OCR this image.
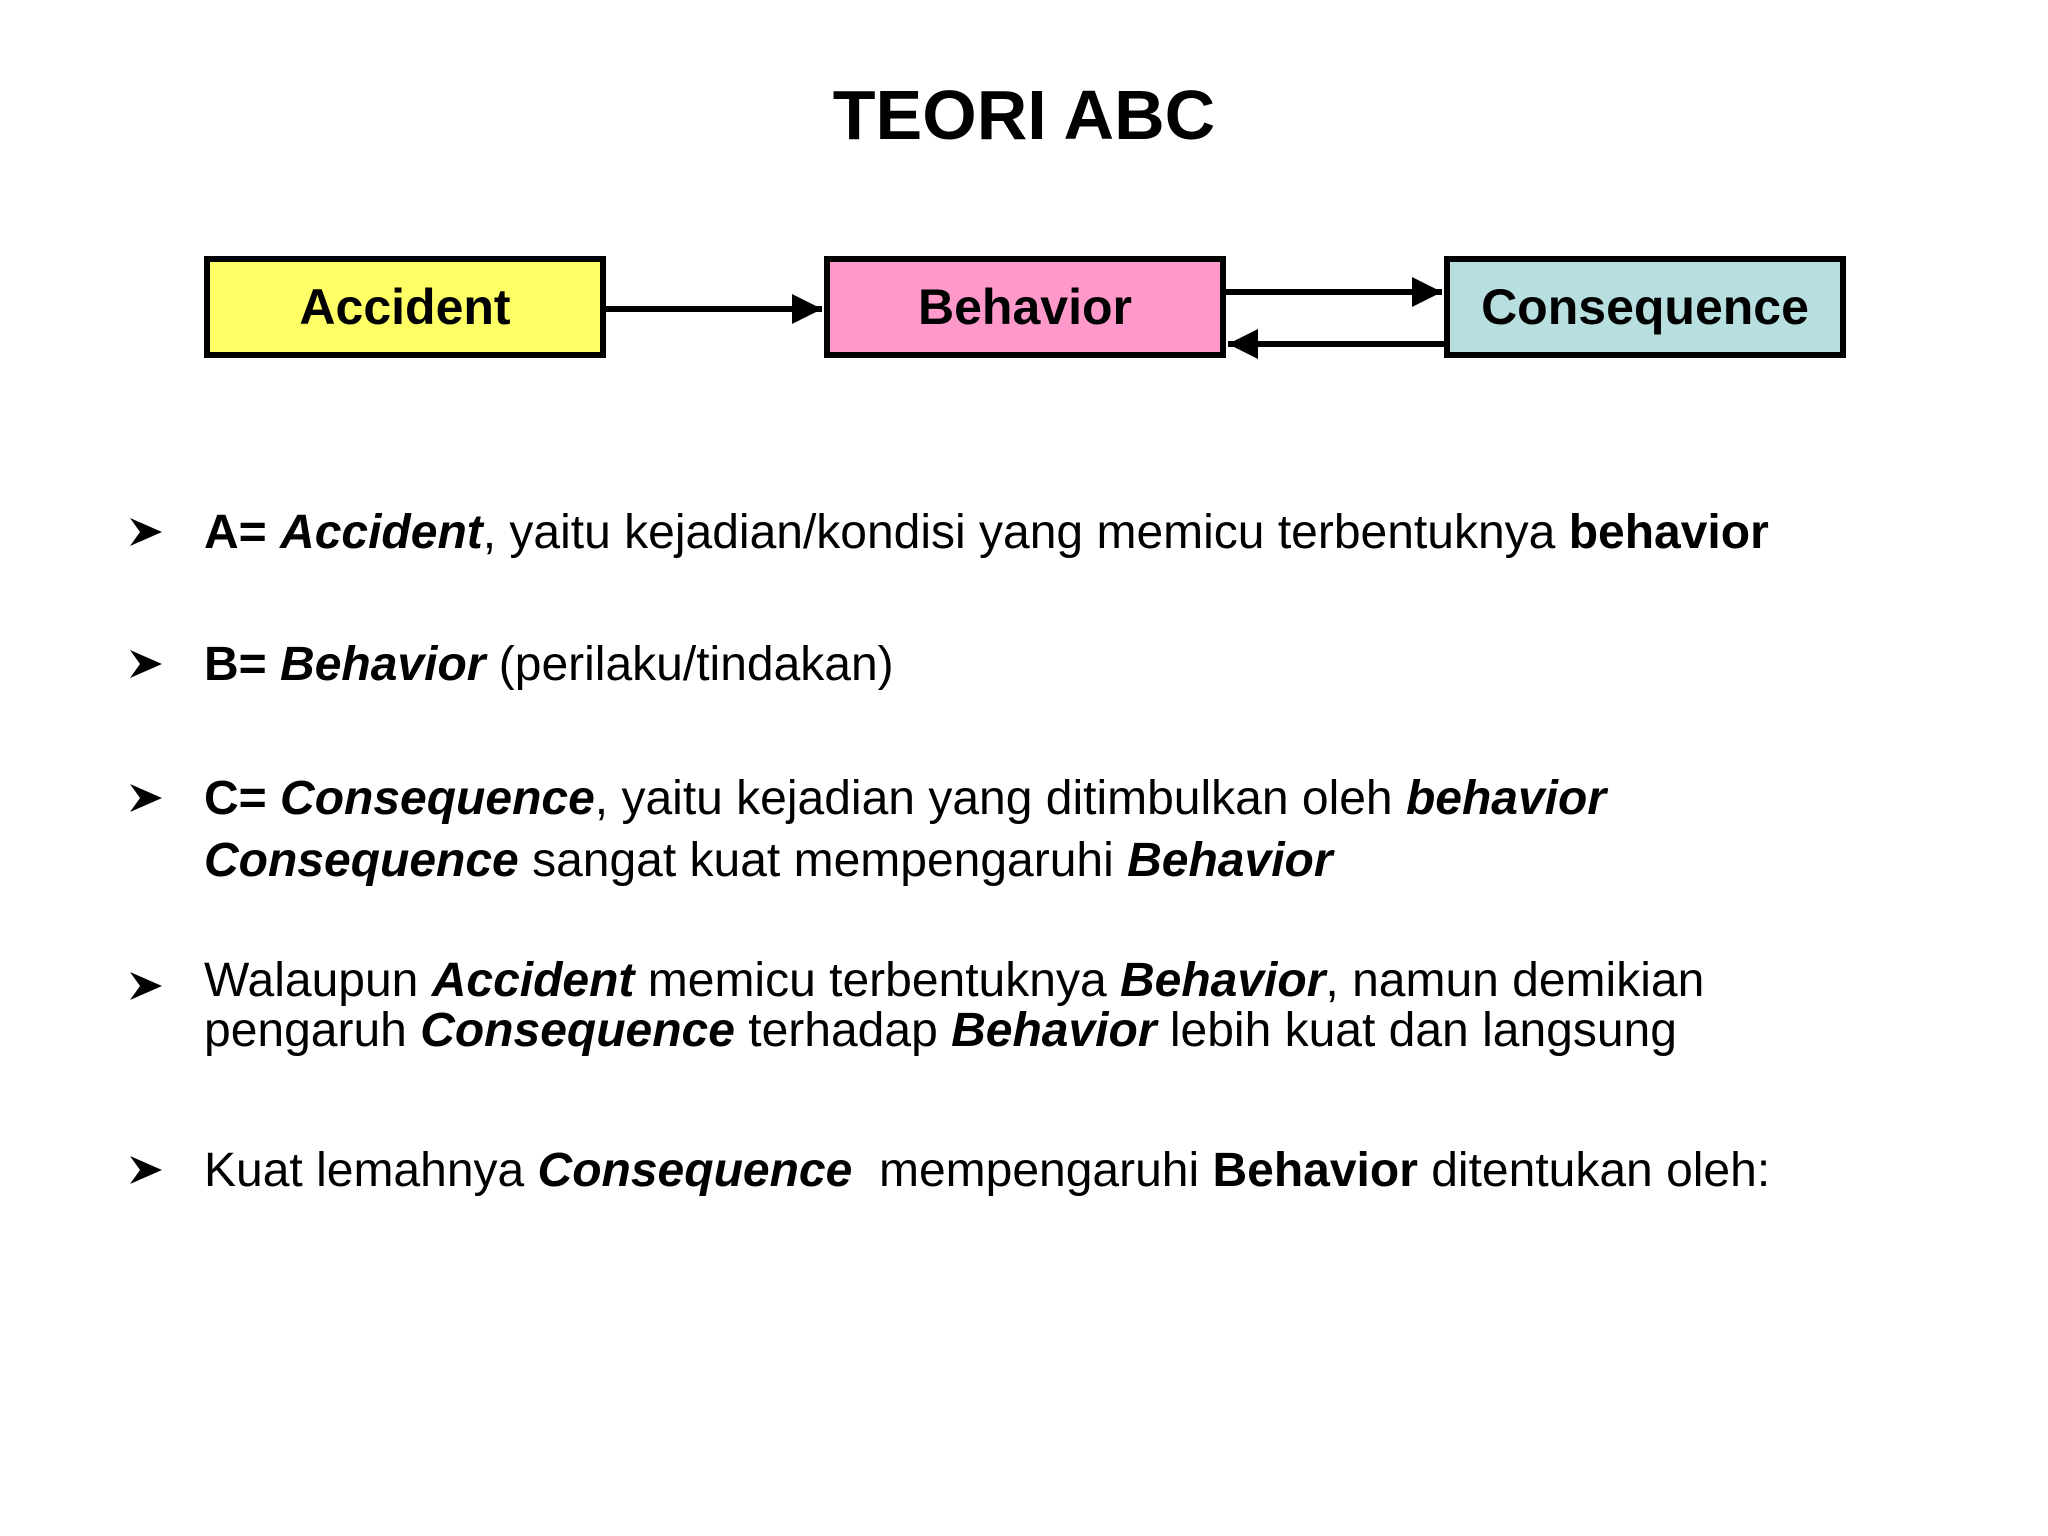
TEORI ABC
Accident	Behavior	Consequence

A= Accident, yaitu kejadian/kondisi yang memicu terbentuknya behavior

B= Behavior (perilaku/tindakan)

C= Consequence, yaitu kejadian yang ditimbulkan oleh behavior

Consequence sangat kuat mempengaruhi Behavior

Walaupun Accident memicu terbentuknya Behavior, namun demikian

pengaruh Consequence terhadap Behavior lebih kuat dan langsung

Kuat lemahnya Consequence  mempengaruhi Behavior ditentukan oleh:
